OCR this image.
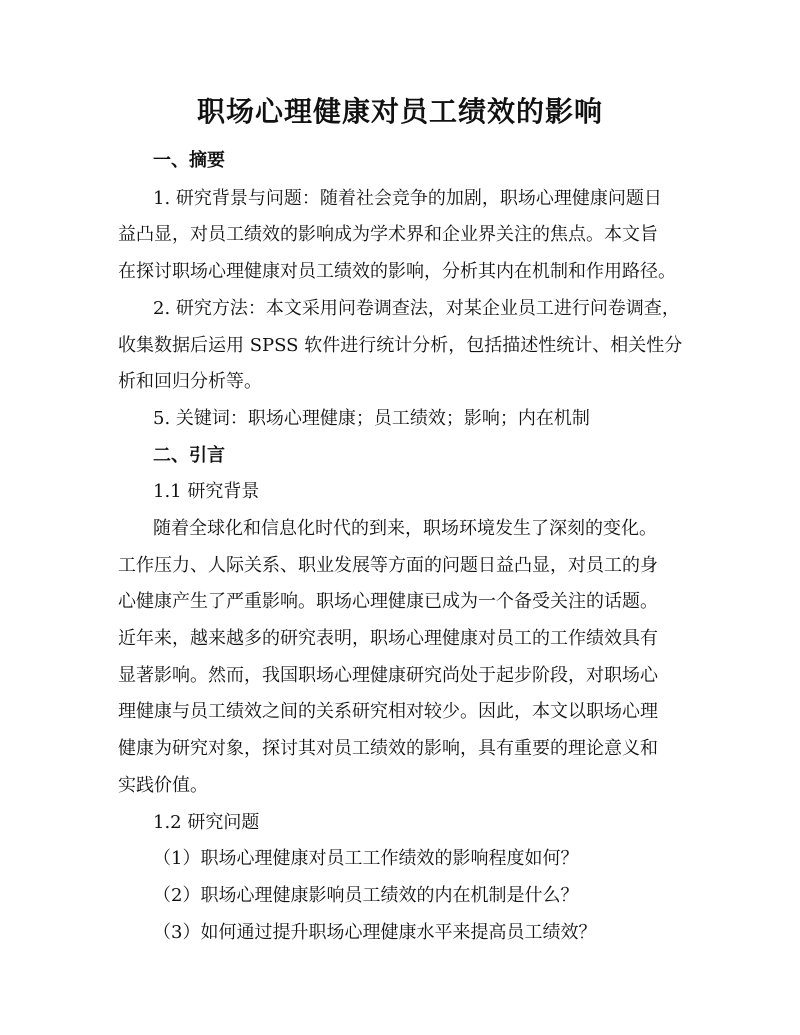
职场心理健康对员工绩效的影响

一、摘要

1. 研究背景与问题：随着社会竞争的加剧，职场心理健康问题日

益凸显，对员工绩效的影响成为学术界和企业界关注的焦点。本文旨

在探讨职场心理健康对员工绩效的影响，分析其内在机制和作用路径。

2. 研究方法：本文采用问卷调查法，对某企业员工进行问卷调查，

收集数据后运用 SPSS 软件进行统计分析，包括描述性统计、相关性分

析和回归分析等。

5. 关键词：职场心理健康；员工绩效；影响；内在机制

二、引言

1.1 研究背景

随着全球化和信息化时代的到来，职场环境发生了深刻的变化。

工作压力、人际关系、职业发展等方面的问题日益凸显，对员工的身

心健康产生了严重影响。职场心理健康已成为一个备受关注的话题。

近年来，越来越多的研究表明，职场心理健康对员工的工作绩效具有

显著影响。然而，我国职场心理健康研究尚处于起步阶段，对职场心

理健康与员工绩效之间的关系研究相对较少。因此，本文以职场心理

健康为研究对象，探讨其对员工绩效的影响，具有重要的理论意义和

实践价值。

1.2 研究问题

（1）职场心理健康对员工工作绩效的影响程度如何？

（2）职场心理健康影响员工绩效的内在机制是什么？

（3）如何通过提升职场心理健康水平来提高员工绩效？
